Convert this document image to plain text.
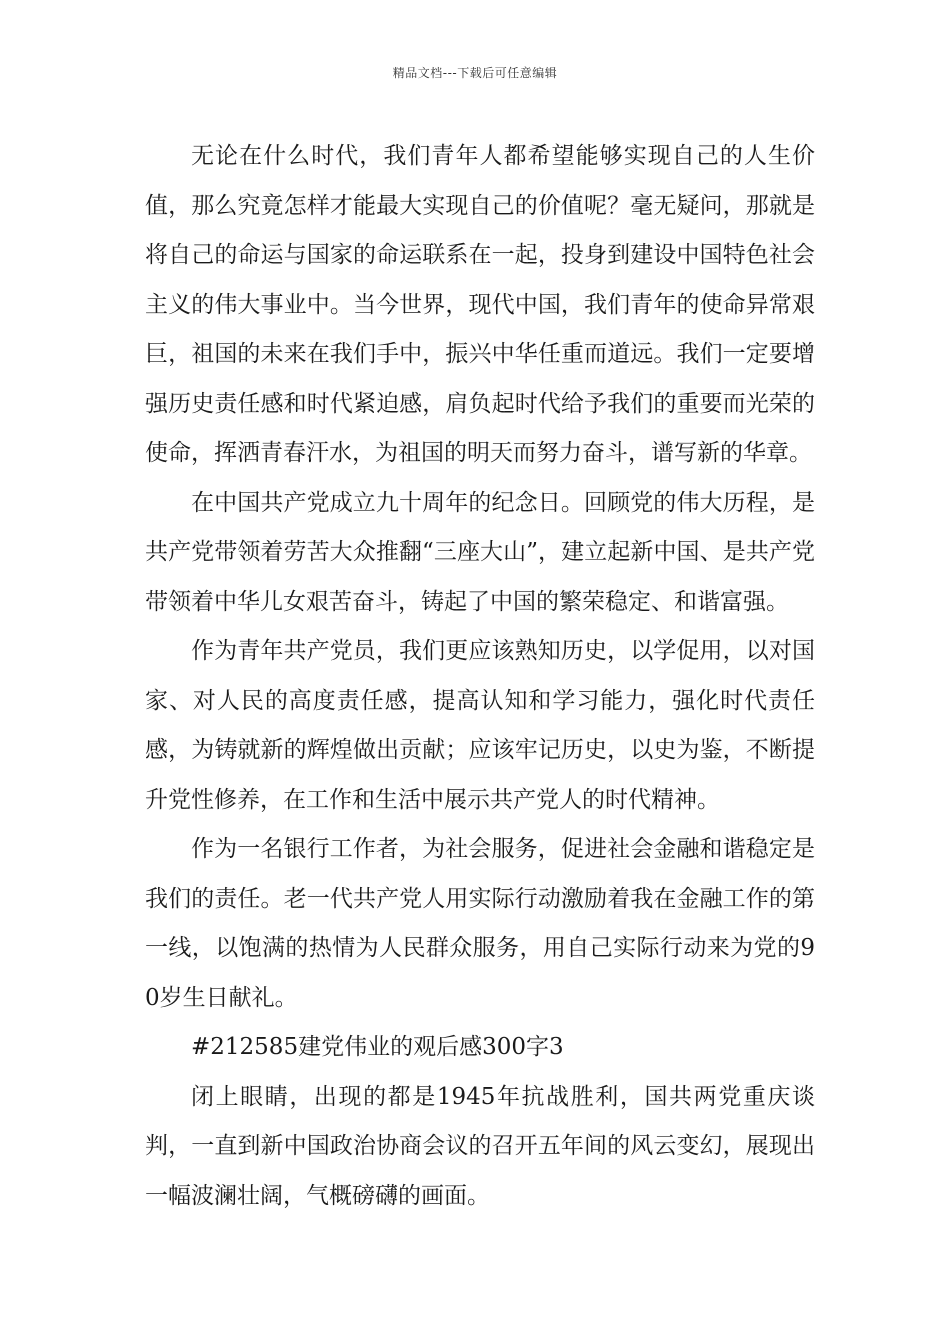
精品文档---下载后可任意编辑

无论在什么时代，我们青年人都希望能够实现自己的人生价值，那么究竟怎样才能最大实现自己的价值呢？毫无疑问，那就是将自己的命运与国家的命运联系在一起，投身到建设中国特色社会主义的伟大事业中。当今世界，现代中国，我们青年的使命异常艰巨，祖国的未来在我们手中，振兴中华任重而道远。我们一定要增强历史责任感和时代紧迫感，肩负起时代给予我们的重要而光荣的使命，挥洒青春汗水，为祖国的明天而努力奋斗，谱写新的华章。

在中国共产党成立九十周年的纪念日。回顾党的伟大历程，是共产党带领着劳苦大众推翻“三座大山”，建立起新中国、是共产党带领着中华儿女艰苦奋斗，铸起了中国的繁荣稳定、和谐富强。

作为青年共产党员，我们更应该熟知历史，以学促用，以对国家、对人民的高度责任感，提高认知和学习能力，强化时代责任感，为铸就新的辉煌做出贡献；应该牢记历史，以史为鉴，不断提升党性修养，在工作和生活中展示共产党人的时代精神。

作为一名银行工作者，为社会服务，促进社会金融和谐稳定是我们的责任。老一代共产党人用实际行动激励着我在金融工作的第一线，以饱满的热情为人民群众服务，用自己实际行动来为党的90岁生日献礼。

#212585建党伟业的观后感300字3

闭上眼睛，出现的都是1945年抗战胜利，国共两党重庆谈判，一直到新中国政治协商会议的召开五年间的风云变幻，展现出一幅波澜壮阔，气概磅礴的画面。
